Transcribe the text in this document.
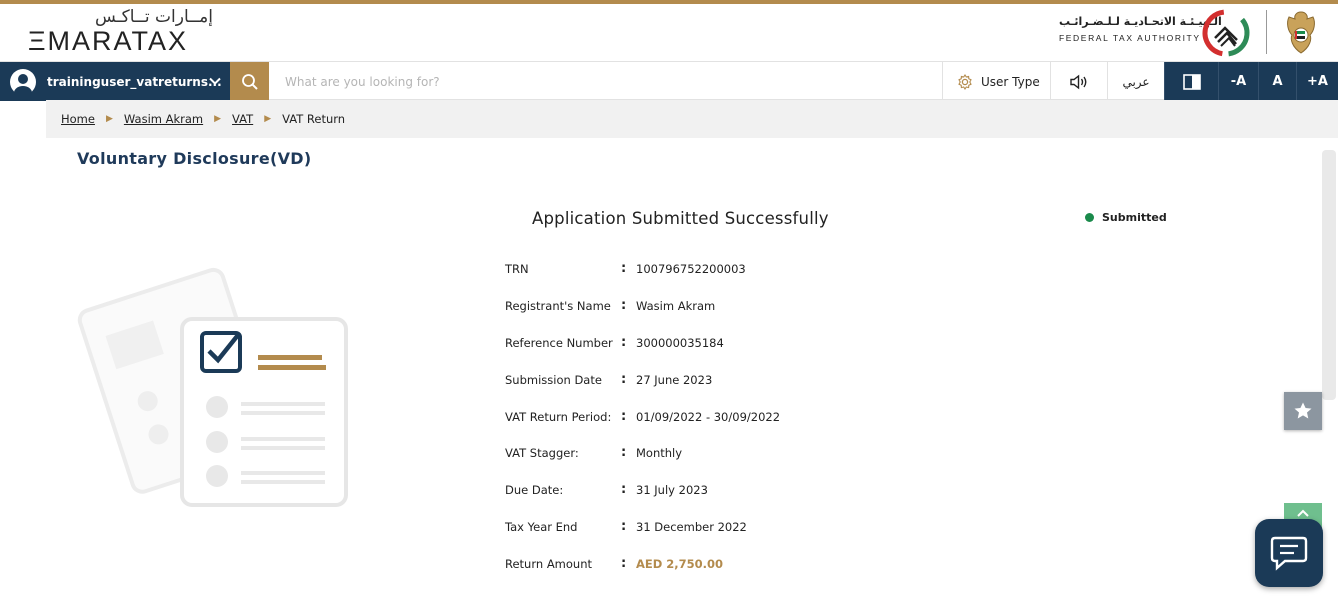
إمــارات تــاكـس
ΞMARATAX
الـهيـئـة الاتحـاديـة لـلـضـرائـب
FEDERAL TAX AUTHORITY
traininguser_vatreturns...
What are you looking for?	User Type	عربي	-A	A	+A
Home ▶ Wasim Akram ▶ VAT ▶ VAT Return
Voluntary Disclosure(VD)
Application Submitted Successfully	Submitted
TRN	: 100796752200003
Registrant's Name : Wasim Akram
Reference Number : 300000035184
Submission Date : 27 June 2023
VAT Return Period: : 01/09/2022 - 30/09/2022
VAT Stagger:	: Monthly
Due Date:	: 31 July 2023
Tax Year End	: 31 December 2022
Return Amount : AED 2,750.00
